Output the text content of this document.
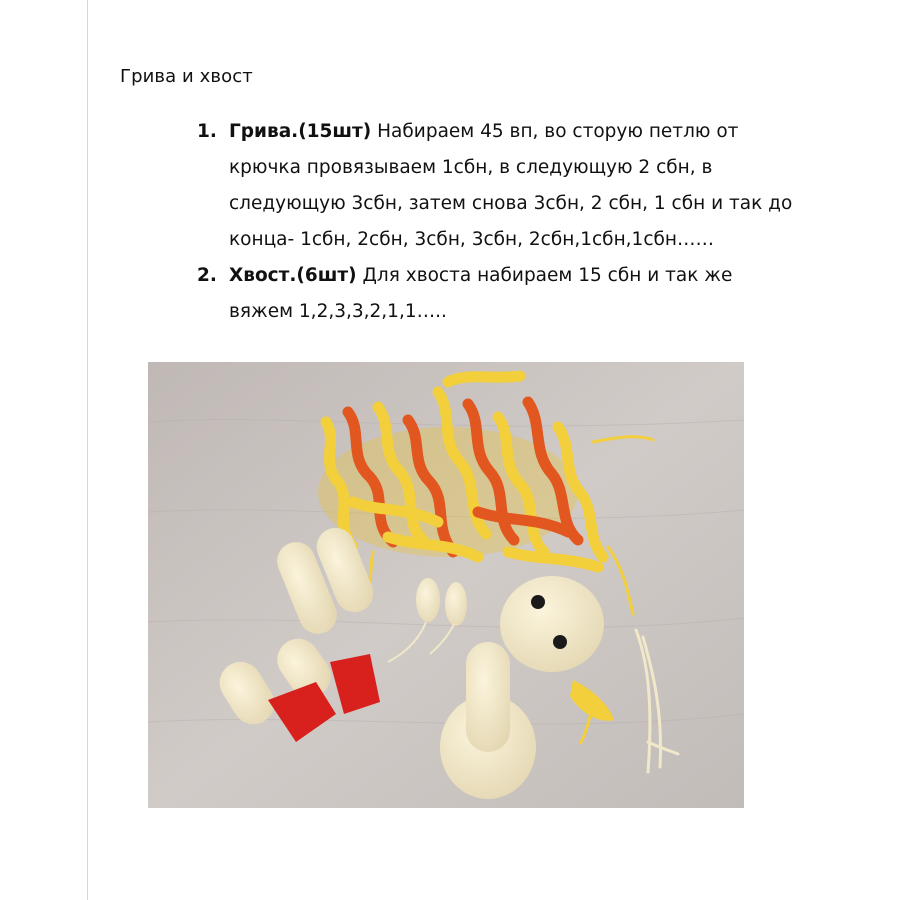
Грива и хвост
1. Грива.(15шт) Набираем 45 вп, во сторую петлю от крючка провязываем 1сбн, в следующую 2 сбн, в следующую 3сбн, затем снова 3сбн, 2 сбн, 1 сбн и так до конца- 1сбн, 2сбн, 3сбн, 3сбн, 2сбн,1сбн,1сбн……
2. Хвост.(6шт) Для хвоста набираем 15 сбн и так же вяжем 1,2,3,3,2,1,1…..
